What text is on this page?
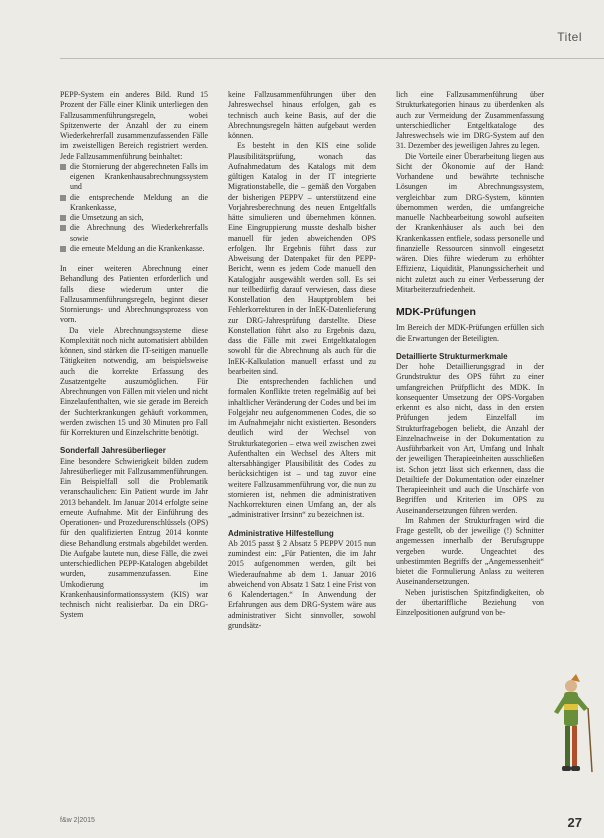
Titel

PEPP-System ein anderes Bild. Rund 15 Prozent der Fälle einer Klinik unterliegen den Fallzusammenführungsregeln, wobei Spitzenwerte der Anzahl der zu einem Wiederkehrerfall zusammenzufassenden Fälle im zweistelligen Bereich registriert werden. Jede Fallzusammenführung beinhaltet:

die Stornierung der abgerechneten Falls im eigenen Krankenhausabrechnungssystem und
die entsprechende Meldung an die Krankenkasse,
die Umsetzung an sich,
die Abrechnung des Wiederkehrerfalls sowie
die erneute Meldung an die Krankenkasse.

In einer weiteren Abrechnung einer Behandlung des Patienten erforderlich und falls diese wiederum unter die Fallzusammenführungsregeln, beginnt dieser Stornierungs- und Abrechnungsprozess von vorn.

Da viele Abrechnungssysteme diese Komplexität noch nicht automatisiert abbilden können, sind stärken die IT-seitigen manuelle Tätigkeiten notwendig, am beispielsweise auch die korrekte Erfassung des Zusatzentgelte auszumöglichen. Für Abrechnungen von Fällen mit vielen und nicht Einzelaufenthalten, wie sie gerade im Bereich der Suchterkrankungen gehäuft vorkommen, werden zwischen 15 und 30 Minuten pro Fall für Korrekturen und Einzelschritte benötigt.

Sonderfall Jahresüberlieger

Eine besondere Schwierigkeit bilden zudem Jahresüberlieger mit Fallzusammenführungen. Ein Beispielfall soll die Problematik veranschaulichen: Ein Patient wurde im Jahr 2013 behandelt. Im Januar 2014 erfolgte seine erneute Aufnahme. Mit der Einführung des Operationen- und Prozedurenschlüssels (OPS) für den qualifizierten Entzug 2014 konnte diese Behandlung erstmals abgebildet werden. Die Aufgabe lautete nun, diese Fälle, die zwei unterschiedlichen PEPP-Katalogen abgebildet wurden, zusammenzufassen. Eine Umkodierung im Krankenhausinformationssystem (KIS) war technisch nicht realisierbar. Da ein DRG-System

keine Fallzusammenführungen über den Jahreswechsel hinaus erfolgen, gab es technisch auch keine Basis, auf der die Abrechnungsregeln hätten aufgebaut werden können.

Es besteht in den KIS eine solide Plausibilitätsprüfung, wonach das Aufnahmedatum des Katalogs mit dem gültigen Katalog in der IT integrierte Migrationstabelle, die – gemäß den Vorgaben der bisherigen PEPPV – unterstützend eine Vorjahresberechnung des neuen Entgeltfalls hätte simulieren und übernehmen können. Eine Eingruppierung musste deshalb bisher manuell für jeden abweichenden OPS erfolgen. Ihr Ergebnis führt dass zur Abweisung der Datenpaket für den PEPP-Bericht, wenn es jedem Code manuell den Katalogjahr ausgewählt werden soll. Es sei nur teilbedürfig darauf verwiesen, dass diese Konstellation den Hauptproblem bei Fehlerkorrekturen in der InEK-Datenlieferung zur DRG-Jahresprüfung darstellte. Diese Konstellation führt also zu Ergebnis dazu, dass die Fälle mit zwei Entgeltkatalogen sowohl für die Abrechnung als auch für die InEK-Kalkulation manuell erfasst und zu bearbeiten sind.

Die entsprechenden fachlichen und formalen Konflikte treten regelmäßig auf bei inhaltlicher Veränderung der Codes und bei im Folgejahr neu aufgenommenen Codes, die so im Aufnahmejahr nicht existierten. Besonders deutlich wird der Wechsel von Strukturkategorien – etwa weil zwischen zwei Aufenthalten ein Wechsel des Alters mit altersabhängiger Plausibilität des Codes zu berücksichtigen ist – und tag zuvor eine weitere Fallzusammenführung vor, die nun zu stornieren ist, nehmen die administrativen Nachkorrekturen einen Umfang an, der als „administrativer Irrsinn“ zu bezeichnen ist.

Administrative Hilfestellung

Ab 2015 passt § 2 Absatz 5 PEPPV 2015 nun zumindest ein: „Für Patienten, die im Jahr 2015 aufgenommen werden, gilt bei Wiederaufnahme ab dem 1. Januar 2016 abweichend von Absatz 1 Satz 1 eine Frist von 6 Kalendertagen.“ In Anwendung der Erfahrungen aus dem DRG-System wäre aus administrativer Sicht sinnvoller, sowohl grundsätz-

lich eine Fallzusammenführung über Strukturkategorien hinaus zu überdenken als auch zur Vermeidung der Zusammenfassung unterschiedlicher Entgeltkataloge des Jahreswechsels wie im DRG-System auf den 31. Dezember des jeweiligen Jahres zu legen.

Die Vorteile einer Überarbeitung liegen aus Sicht der Ökonomie auf der Hand: Vorhandene und bewährte technische Lösungen im Abrechnungssystem, vergleichbar zum DRG-System, könnten übernommen werden, die umfangreiche manuelle Nachbearbeitung sowohl aufseiten der Krankenhäuser als auch bei den Krankenkassen entfiele, sodass personelle und finanzielle Ressourcen sinnvoll eingesetzt wären. Dies führe wiederum zu erhöhter Effizienz, Liquidität, Planungssicherheit und nicht zuletzt auch zu einer Verbesserung der Mitarbeiterzufriedenheit.

MDK-Prüfungen

Im Bereich der MDK-Prüfungen erfüllen sich die Erwartungen der Beteiligten.

Detaillierte Strukturmerkmale

Der hohe Detaillierungsgrad in der Grundstruktur des OPS führt zu einer umfangreichen Prüfpflicht des MDK. In konsequenter Umsetzung der OPS-Vorgaben erkennt es also nicht, dass in den ersten Prüfungen jedem Einzelfall im Strukturfragebogen beliebt, die Anzahl der Einzelnachweise in der Dokumentation zu Ausführbarkeit von Art, Umfang und Inhalt der jeweiligen Therapieeinheiten ausschließen ist. Schon jetzt lässt sich erkennen, dass die Detailtiefe der Dokumentation oder einzelner Therapieeinheit und auch die Unschärfe von Begriffen und Kriterien im OPS zu Auseinandersetzungen führen werden.

Im Rahmen der Strukturfragen wird die Frage gestellt, ob der jeweilige (!) Schnitter angemessen innerhalb der Berufsgruppe vergeben wurde. Ungeachtet des unbestimmten Begriffs der „Angemessenheit“ bietet die Formulierung Anlass zu weiteren Auseinandersetzungen.

Neben juristischen Spitzfindigkeiten, ob der übertariffliche Beziehung von Einzelpositionen aufgrund von be-

f&w 2|2015	27
